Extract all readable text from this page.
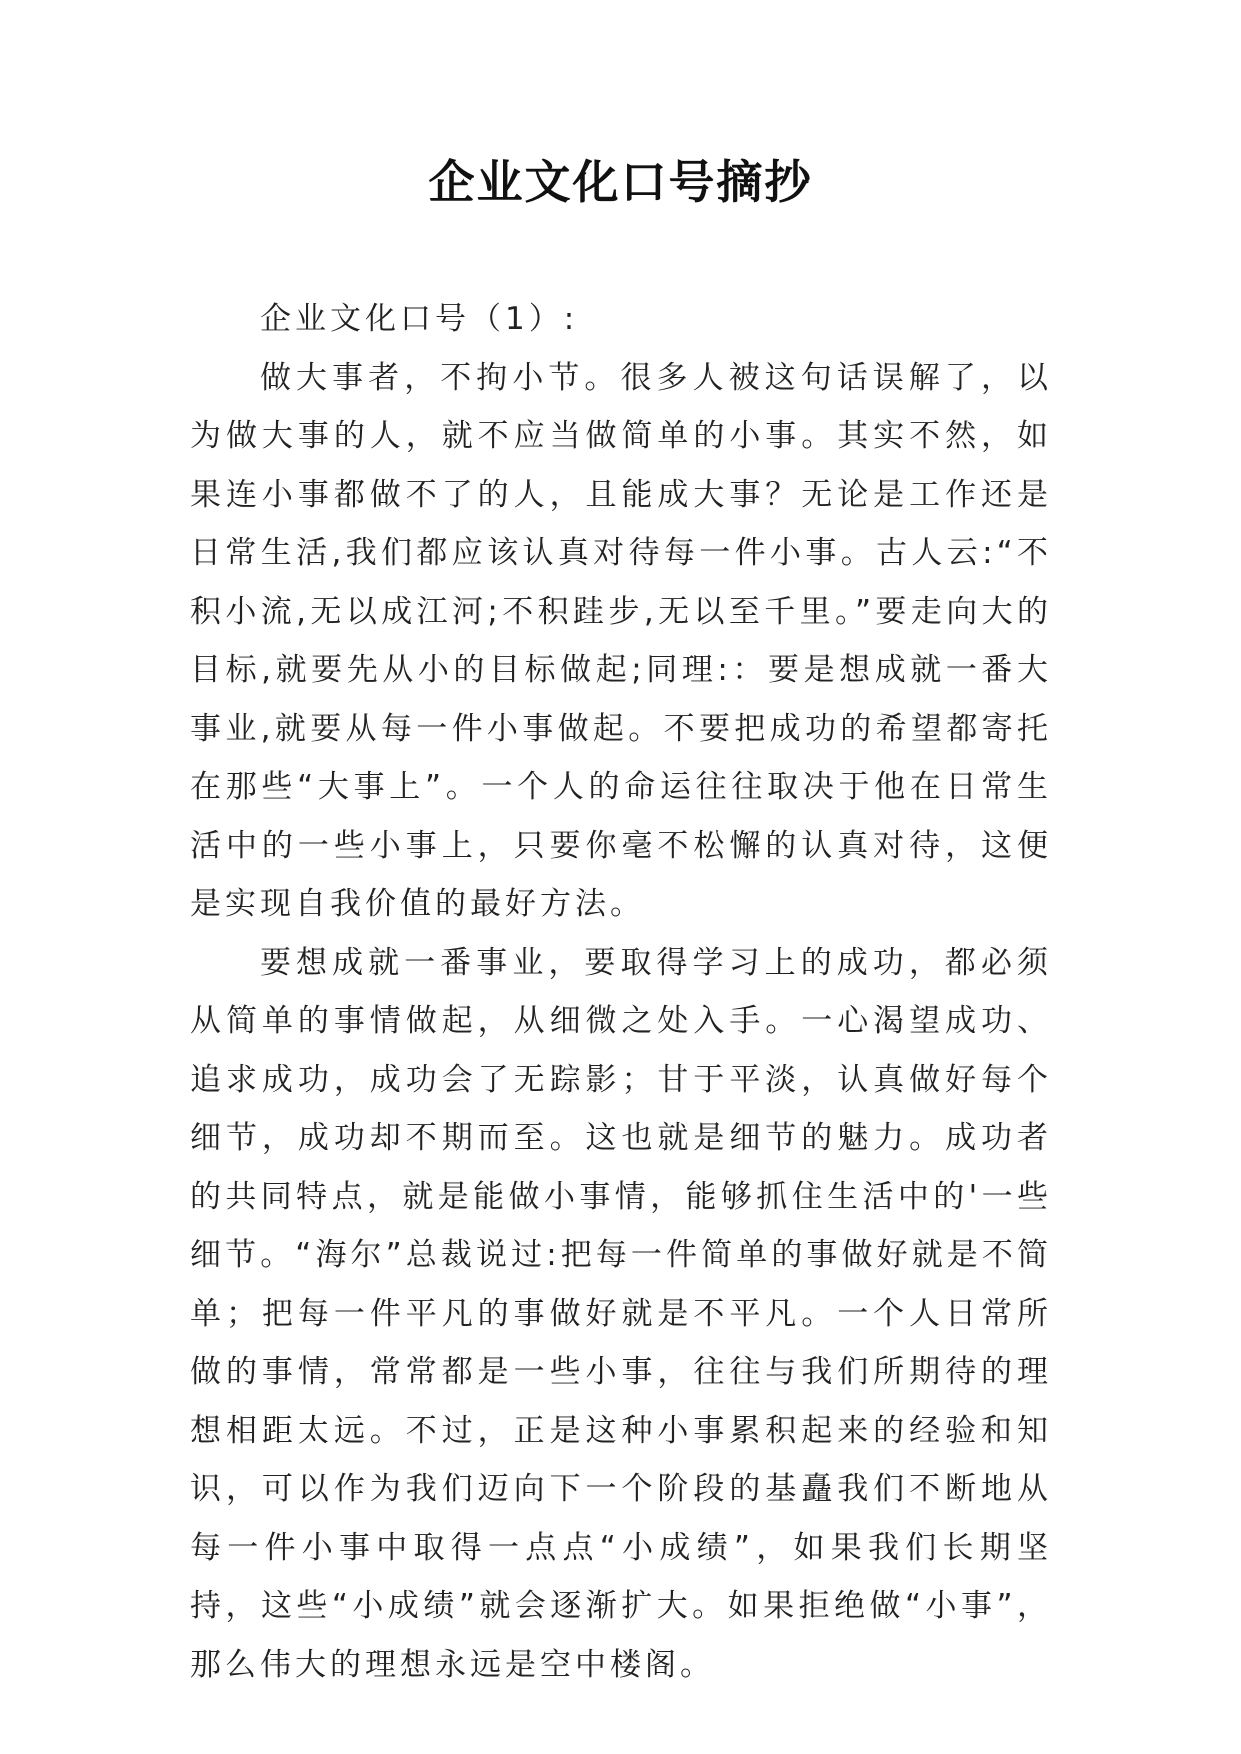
企业文化口号摘抄

企业文化口号（1）:

做大事者，不拘小节。很多人被这句话误解了，以为做大事的人，就不应当做简单的小事。其实不然，如果连小事都做不了的人，且能成大事？无论是工作还是日常生活,我们都应该认真对待每一件小事。古人云:“不积小流,无以成江河;不积跬步,无以至千里。”要走向大的目标,就要先从小的目标做起;同理:：要是想成就一番大事业,就要从每一件小事做起。不要把成功的希望都寄托在那些“大事上”。一个人的命运往往取决于他在日常生活中的一些小事上，只要你毫不松懈的认真对待，这便是实现自我价值的最好方法。

要想成就一番事业，要取得学习上的成功，都必须从简单的事情做起，从细微之处入手。一心渴望成功、追求成功，成功会了无踪影；甘于平淡，认真做好每个细节，成功却不期而至。这也就是细节的魅力。成功者的共同特点，就是能做小事情，能够抓住生活中的'一些细节。“海尔”总裁说过:把每一件简单的事做好就是不简单；把每一件平凡的事做好就是不平凡。一个人日常所做的事情，常常都是一些小事，往往与我们所期待的理想相距太远。不过，正是这种小事累积起来的经验和知识，可以作为我们迈向下一个阶段的基矗我们不断地从每一件小事中取得一点点“小成绩”，如果我们长期坚持，这些“小成绩”就会逐渐扩大。如果拒绝做“小事”，那么伟大的理想永远是空中楼阁。
